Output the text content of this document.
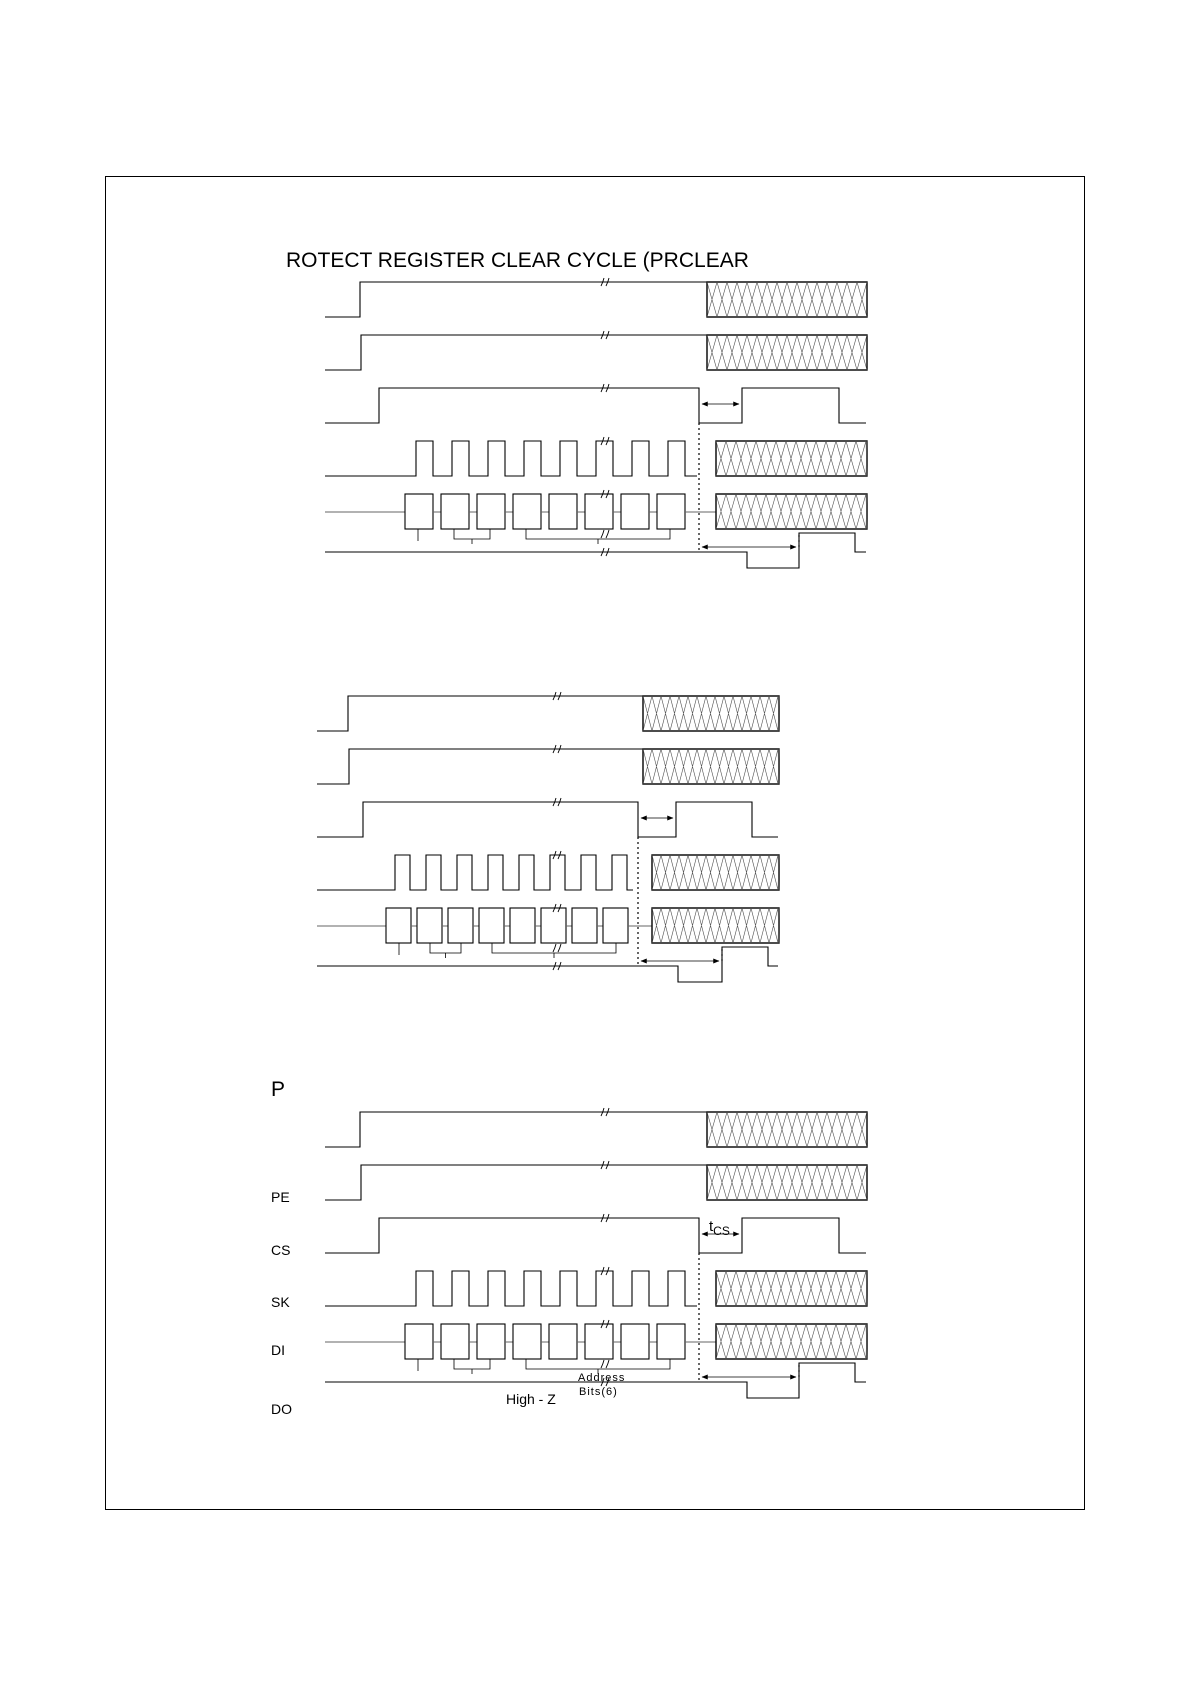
ROTECT REGISTER CLEAR CYCLE (PRCLEAR
P
PE
CS
SK
DI
DO
$t_{CS}$
Address
Bits(6)
High - Z
